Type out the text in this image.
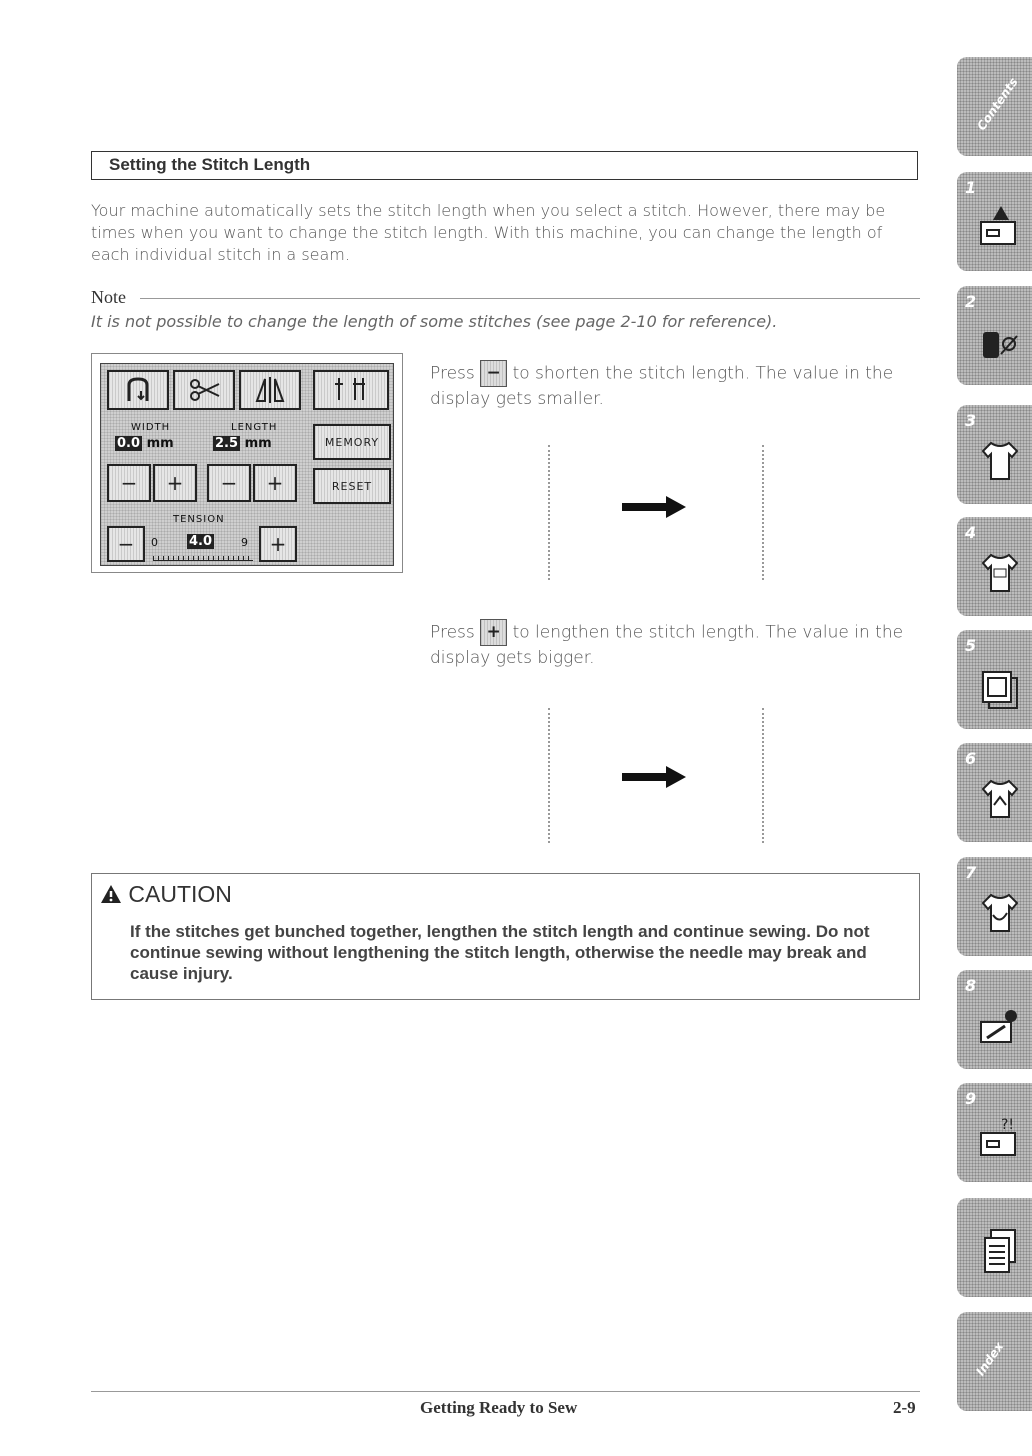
Setting the Stitch Length
Your machine automatically sets the stitch length when you select a stitch. However, there may be times when you want to change the stitch length. With this machine, you can change the length of each individual stitch in a seam.
Note
It is not possible to change the length of some stitches (see page 2-10 for reference).
WIDTH
0.0 mm
LENGTH
2.5 mm	MEMORY
−	+	−	+	RESET
TENSION
−	0 4.0	9	+
Press − to shorten the stitch length. The value in the display gets smaller.
Press + to lengthen the stitch length. The value in the display gets bigger.
CAUTION
If the stitches get bunched together, lengthen the stitch length and continue sewing. Do not continue sewing without lengthening the stitch length, otherwise the needle may break and cause injury.
Getting Ready to Sew	2-9
Contents
1
2
3
4
5
6
7
8
9
?!
Index
